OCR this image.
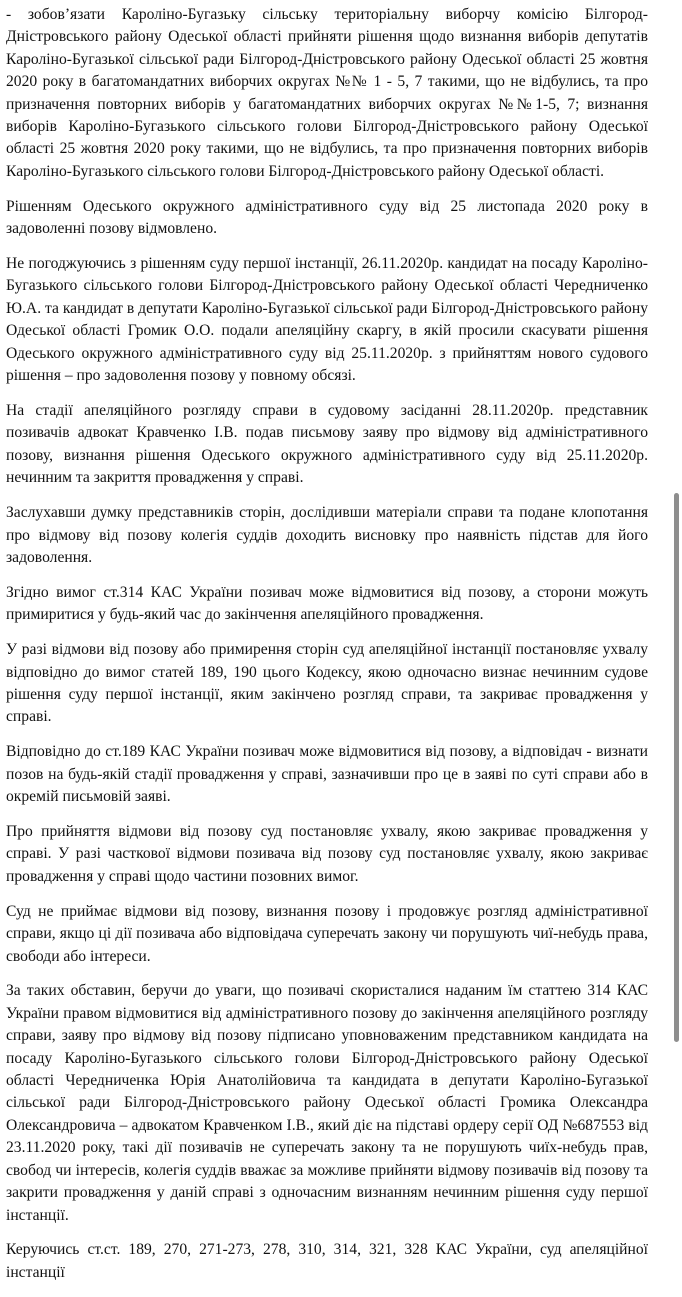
- зобов’язати Кароліно-Бугазьку сільську територіальну виборчу комісію Білгород-Дністровського району Одеської області прийняти рішення щодо визнання виборів депутатів Кароліно-Бугазької сільської ради Білгород-Дністровського району Одеської області 25 жовтня 2020 року в багатомандатних виборчих округах №№ 1 - 5, 7 такими, що не відбулись, та про призначення повторних виборів у багатомандатних виборчих округах №№1-5, 7; визнання виборів Кароліно-Бугазького сільського голови Білгород-Дністровського району Одеської області 25 жовтня 2020 року такими, що не відбулись, та про призначення повторних виборів Кароліно-Бугазького сільського голови Білгород-Дністровського району Одеської області.

Рішенням Одеського окружного адміністративного суду від 25 листопада 2020 року в задоволенні позову відмовлено.

Не погоджуючись з рішенням суду першої інстанції, 26.11.2020р. кандидат на посаду Кароліно-Бугазького сільського голови Білгород-Дністровського району Одеської області Чередниченко Ю.А. та кандидат в депутати Кароліно-Бугазької сільської ради Білгород-Дністровського району Одеської області Громик О.О. подали апеляційну скаргу, в якій просили скасувати рішення Одеського окружного адміністративного суду від 25.11.2020р. з прийняттям нового судового рішення – про задоволення позову у повному обсязі.

На стадії апеляційного розгляду справи в судовому засіданні 28.11.2020р. представник позивачів адвокат Кравченко І.В. подав письмову заяву про відмову від адміністративного позову, визнання рішення Одеського окружного адміністративного суду від 25.11.2020р. нечинним та закриття провадження у справі.

Заслухавши думку представників сторін, дослідивши матеріали справи та подане клопотання про відмову від позову колегія суддів доходить висновку про наявність підстав для його задоволення.

Згідно вимог ст.314 КАС України позивач може відмовитися від позову, а сторони можуть примиритися у будь-який час до закінчення апеляційного провадження.

У разі відмови від позову або примирення сторін суд апеляційної інстанції постановляє ухвалу відповідно до вимог статей 189, 190 цього Кодексу, якою одночасно визнає нечинним судове рішення суду першої інстанції, яким закінчено розгляд справи, та закриває провадження у справі.

Відповідно до ст.189 КАС України позивач може відмовитися від позову, а відповідач - визнати позов на будь-якій стадії провадження у справі, зазначивши про це в заяві по суті справи або в окремій письмовій заяві.

Про прийняття відмови від позову суд постановляє ухвалу, якою закриває провадження у справі. У разі часткової відмови позивача від позову суд постановляє ухвалу, якою закриває провадження у справі щодо частини позовних вимог.

Суд не приймає відмови від позову, визнання позову і продовжує розгляд адміністративної справи, якщо ці дії позивача або відповідача суперечать закону чи порушують чиї-небудь права, свободи або інтереси.

За таких обставин, беручи до уваги, що позивачі скористалися наданим їм статтею 314 КАС України правом відмовитися від адміністративного позову до закінчення апеляційного розгляду справи, заяву про відмову від позову підписано уповноваженим представником кандидата на посаду Кароліно-Бугазького сільського голови Білгород-Дністровського району Одеської області Чередниченка Юрія Анатолійовича та кандидата в депутати Кароліно-Бугазької сільської ради Білгород-Дністровського району Одеської області Громика Олександра Олександровича – адвокатом Кравченком І.В., який діє на підставі ордеру серії ОД №687553 від 23.11.2020 року, такі дії позивачів не суперечать закону та не порушують чиїх-небудь прав, свобод чи інтересів, колегія суддів вважає за можливе прийняти відмову позивачів від позову та закрити провадження у даній справі з одночасним визнанням нечинним рішення суду першої інстанції.

Керуючись ст.ст. 189, 270, 271-273, 278, 310, 314, 321, 328 КАС України, суд апеляційної інстанції
